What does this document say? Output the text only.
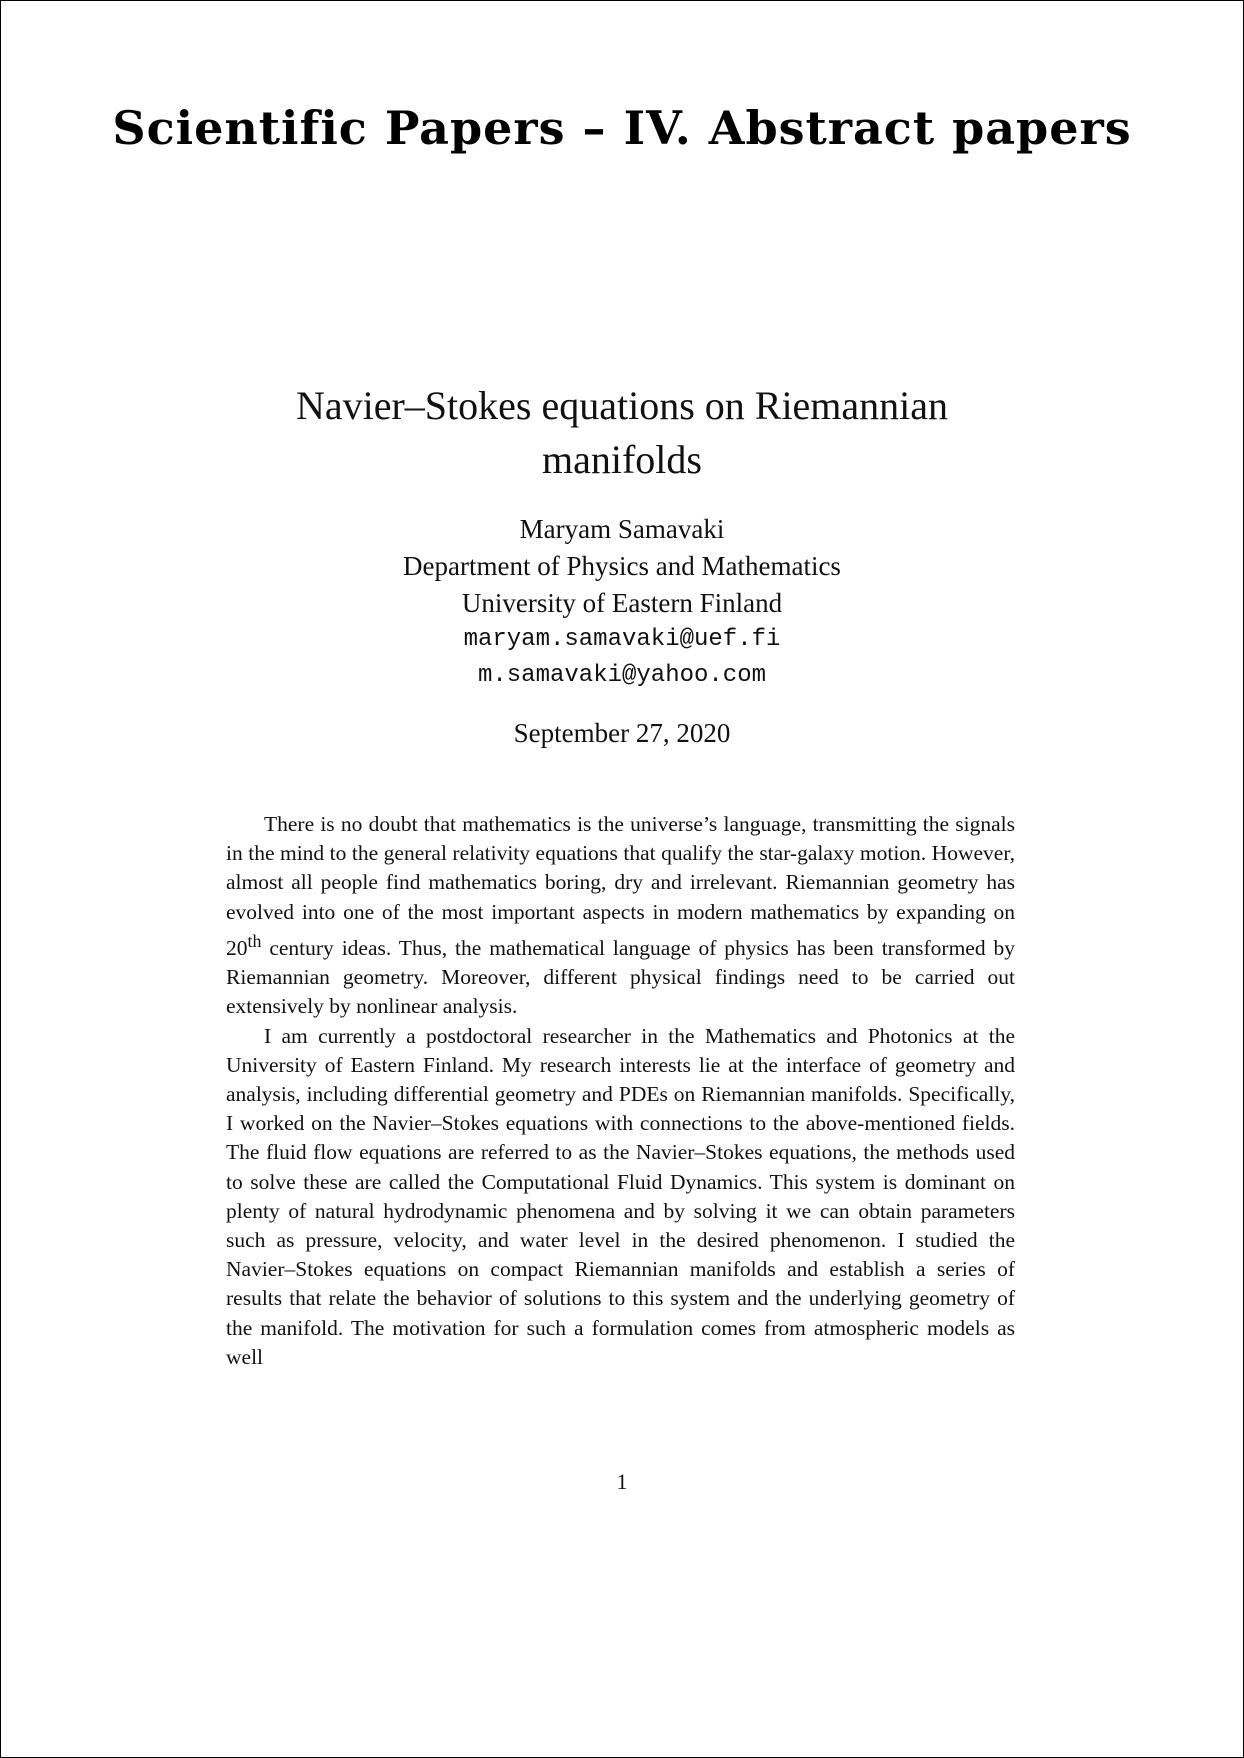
Scientific Papers – IV. Abstract papers
Navier–Stokes equations on Riemannian manifolds
Maryam Samavaki
Department of Physics and Mathematics
University of Eastern Finland
maryam.samavaki@uef.fi
m.samavaki@yahoo.com
September 27, 2020

There is no doubt that mathematics is the universe’s language, transmitting the signals in the mind to the general relativity equations that qualify the star-galaxy motion. However, almost all people find mathematics boring, dry and irrelevant. Riemannian geometry has evolved into one of the most important aspects in modern mathematics by expanding on 20th century ideas. Thus, the mathematical language of physics has been transformed by Riemannian geometry. Moreover, different physical findings need to be carried out extensively by nonlinear analysis.

I am currently a postdoctoral researcher in the Mathematics and Photonics at the University of Eastern Finland. My research interests lie at the interface of geometry and analysis, including differential geometry and PDEs on Riemannian manifolds. Specifically, I worked on the Navier–Stokes equations with connections to the above-mentioned fields. The fluid flow equations are referred to as the Navier–Stokes equations, the methods used to solve these are called the Computational Fluid Dynamics. This system is dominant on plenty of natural hydrodynamic phenomena and by solving it we can obtain parameters such as pressure, velocity, and water level in the desired phenomenon. I studied the Navier–Stokes equations on compact Riemannian manifolds and establish a series of results that relate the behavior of solutions to this system and the underlying geometry of the manifold. The motivation for such a formulation comes from atmospheric models as well

1
